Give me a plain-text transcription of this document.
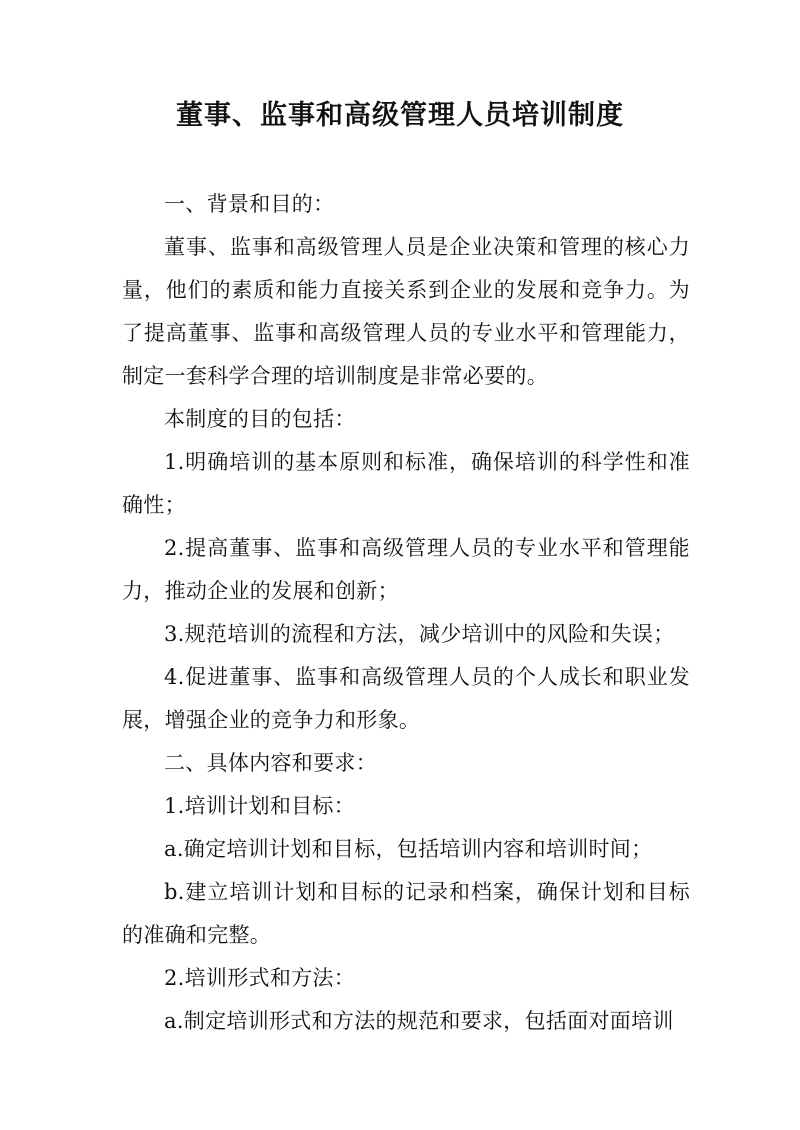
董事、监事和高级管理人员培训制度

一、背景和目的：

董事、监事和高级管理人员是企业决策和管理的核心力量，他们的素质和能力直接关系到企业的发展和竞争力。为了提高董事、监事和高级管理人员的专业水平和管理能力，制定一套科学合理的培训制度是非常必要的。

本制度的目的包括：

1.明确培训的基本原则和标准，确保培训的科学性和准确性；

2.提高董事、监事和高级管理人员的专业水平和管理能力，推动企业的发展和创新；

3.规范培训的流程和方法，减少培训中的风险和失误；

4.促进董事、监事和高级管理人员的个人成长和职业发展，增强企业的竞争力和形象。

二、具体内容和要求：

1.培训计划和目标：

a.确定培训计划和目标，包括培训内容和培训时间；

b.建立培训计划和目标的记录和档案，确保计划和目标的准确和完整。

2.培训形式和方法：

a.制定培训形式和方法的规范和要求，包括面对面培训
